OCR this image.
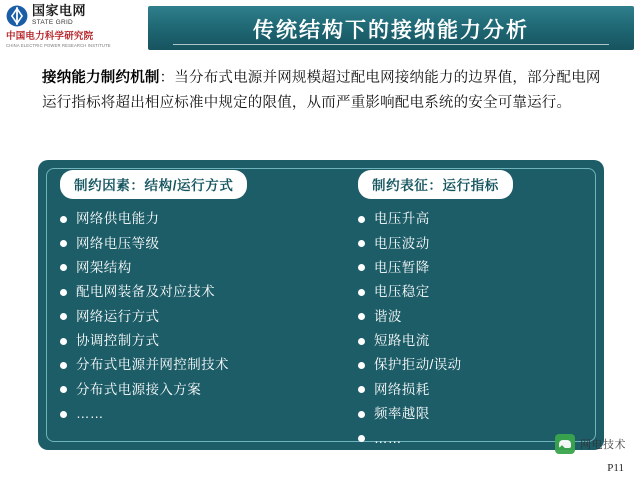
国家电网
STATE GRID
中国电力科学研究院
CHINA ELECTRIC POWER RESEARCH INSTITUTE
传统结构下的接纳能力分析
接纳能力制约机制：当分布式电源并网规模超过配电网接纳能力的边界值，部分配电网运行指标将超出相应标准中规定的限值，从而严重影响配电系统的安全可靠运行。
制约因素：结构/运行方式
网络供电能力
网络电压等级
网架结构
配电网装备及对应技术
网络运行方式
协调控制方式
分布式电源并网控制技术
分布式电源接入方案
……
制约表征：运行指标
电压升高
电压波动
电压暂降
电压稳定
谐波
短路电流
保护拒动/误动
网络损耗
频率越限
……	网电技术
P11
